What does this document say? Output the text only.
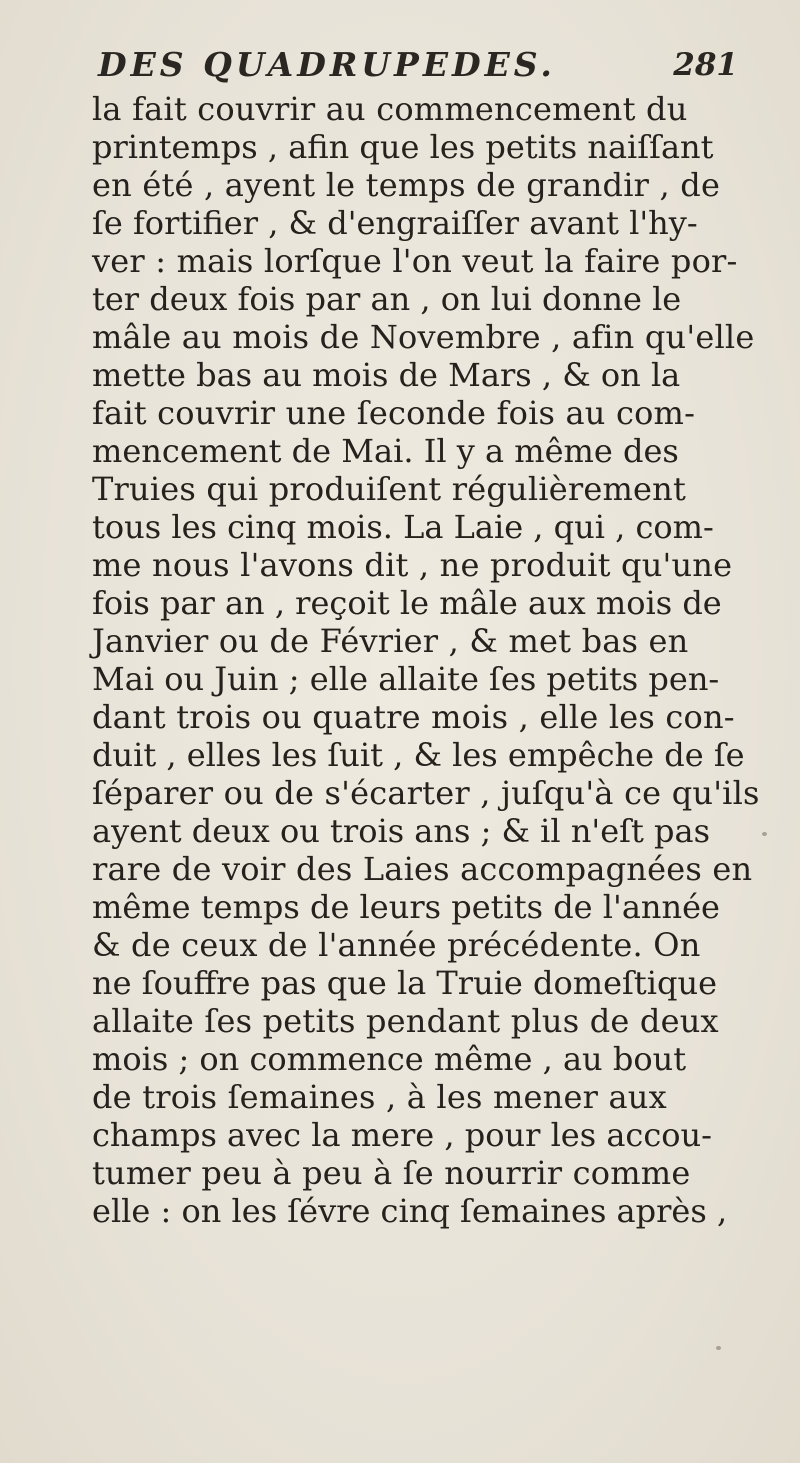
DES QUADRUPEDES.	281
la fait couvrir au commencement du
printemps , afin que les petits naiſſant
en été , ayent le temps de grandir , de
ſe fortifier , & d'engraiſſer avant l'hy-
ver : mais lorſque l'on veut la faire por-
ter deux fois par an , on lui donne le
mâle au mois de Novembre , afin qu'elle
mette bas au mois de Mars , & on la
fait couvrir une ſeconde fois au com-
mencement de Mai. Il y a même des
Truies qui produiſent régulièrement
tous les cinq mois. La Laie , qui , com-
me nous l'avons dit , ne produit qu'une
fois par an , reçoit le mâle aux mois de
Janvier ou de Février , & met bas en
Mai ou Juin ; elle allaite ſes petits pen-
dant trois ou quatre mois , elle les con-
duit , elles les ſuit , & les empêche de ſe
ſéparer ou de s'écarter , juſqu'à ce qu'ils
ayent deux ou trois ans ; & il n'eſt pas
rare de voir des Laies accompagnées en
même temps de leurs petits de l'année
& de ceux de l'année précédente. On
ne ſouffre pas que la Truie domeſtique
allaite ſes petits pendant plus de deux
mois ; on commence même , au bout
de trois ſemaines , à les mener aux
champs avec la mere , pour les accou-
tumer peu à peu à ſe nourrir comme
elle : on les ſévre cinq ſemaines après ,
